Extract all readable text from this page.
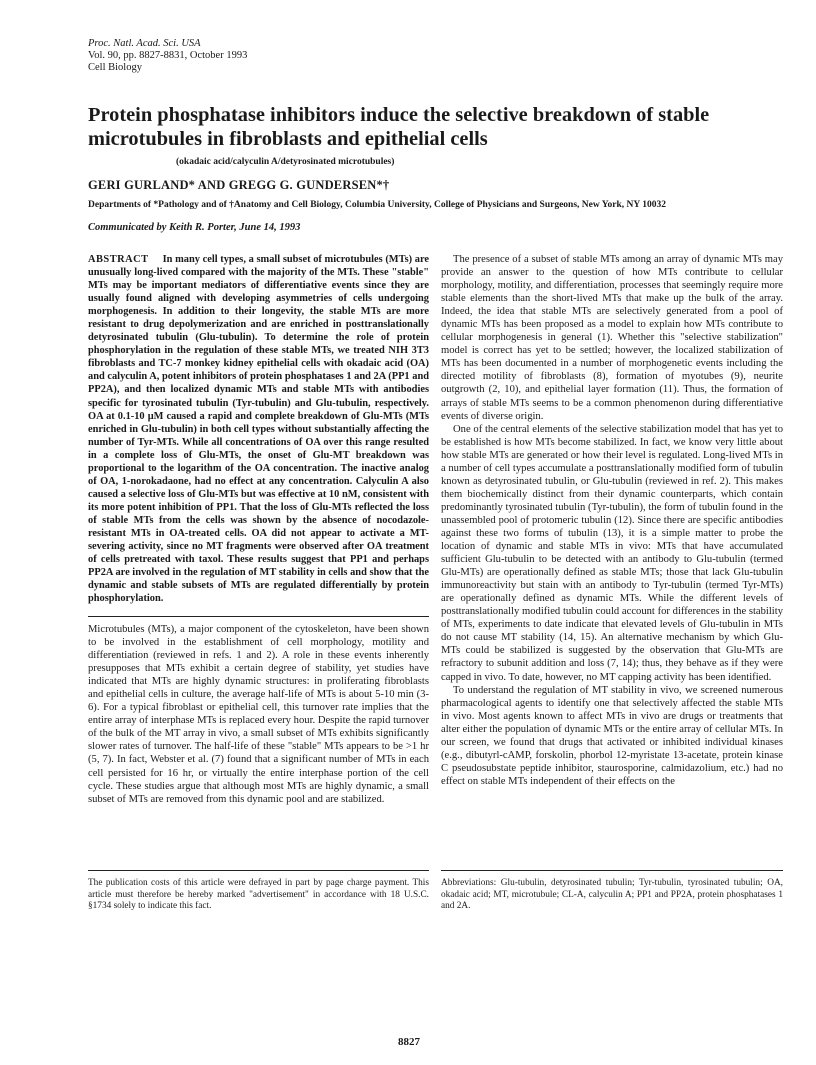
Proc. Natl. Acad. Sci. USA

Vol. 90, pp. 8827-8831, October 1993

Cell Biology

Protein phosphatase inhibitors induce the selective breakdown of stable microtubules in fibroblasts and epithelial cells
(okadaic acid/calyculin A/detyrosinated microtubules)
GERI GURLAND* AND GREGG G. GUNDERSEN*†
Departments of *Pathology and of †Anatomy and Cell Biology, Columbia University, College of Physicians and Surgeons, New York, NY 10032
Communicated by Keith R. Porter, June 14, 1993
ABSTRACT In many cell types, a small subset of microtubules (MTs) are unusually long-lived compared with the majority of the MTs. These "stable" MTs may be important mediators of differentiative events since they are usually found aligned with developing asymmetries of cells undergoing morphogenesis. In addition to their longevity, the stable MTs are more resistant to drug depolymerization and are enriched in posttranslationally detyrosinated tubulin (Glu-tubulin). To determine the role of protein phosphorylation in the regulation of these stable MTs, we treated NIH 3T3 fibroblasts and TC-7 monkey kidney epithelial cells with okadaic acid (OA) and calyculin A, potent inhibitors of protein phosphatases 1 and 2A (PP1 and PP2A), and then localized dynamic MTs and stable MTs with antibodies specific for tyrosinated tubulin (Tyr-tubulin) and Glu-tubulin, respectively. OA at 0.1-10 μM caused a rapid and complete breakdown of Glu-MTs (MTs enriched in Glu-tubulin) in both cell types without substantially affecting the number of Tyr-MTs. While all concentrations of OA over this range resulted in a complete loss of Glu-MTs, the onset of Glu-MT breakdown was proportional to the logarithm of the OA concentration. The inactive analog of OA, 1-norokadaone, had no effect at any concentration. Calyculin A also caused a selective loss of Glu-MTs but was effective at 10 nM, consistent with its more potent inhibition of PP1. That the loss of Glu-MTs reflected the loss of stable MTs from the cells was shown by the absence of nocodazole-resistant MTs in OA-treated cells. OA did not appear to activate a MT-severing activity, since no MT fragments were observed after OA treatment of cells pretreated with taxol. These results suggest that PP1 and perhaps PP2A are involved in the regulation of MT stability in cells and show that the dynamic and stable subsets of MTs are regulated differentially by protein phosphorylation.

Microtubules (MTs), a major component of the cytoskeleton, have been shown to be involved in the establishment of cell morphology, motility and differentiation (reviewed in refs. 1 and 2). A role in these events inherently presupposes that MTs exhibit a certain degree of stability, yet studies have indicated that MTs are highly dynamic structures: in proliferating fibroblasts and epithelial cells in culture, the average half-life of MTs is about 5-10 min (3-6). For a typical fibroblast or epithelial cell, this turnover rate implies that the entire array of interphase MTs is replaced every hour. Despite the rapid turnover of the bulk of the MT array in vivo, a small subset of MTs exhibits significantly slower rates of turnover. The half-life of these "stable" MTs appears to be >1 hr (5, 7). In fact, Webster et al. (7) found that a significant number of MTs in each cell persisted for 16 hr, or virtually the entire interphase portion of the cell cycle. These studies argue that although most MTs are highly dynamic, a small subset of MTs are removed from this dynamic pool and are stabilized.

The presence of a subset of stable MTs among an array of dynamic MTs may provide an answer to the question of how MTs contribute to cellular morphology, motility, and differentiation, processes that seemingly require more stable elements than the short-lived MTs that make up the bulk of the array. Indeed, the idea that stable MTs are selectively generated from a pool of dynamic MTs has been proposed as a model to explain how MTs contribute to cellular morphogenesis in general (1). Whether this "selective stabilization" model is correct has yet to be settled; however, the localized stabilization of MTs has been documented in a number of morphogenetic events including the directed motility of fibroblasts (8), formation of myotubes (9), neurite outgrowth (2, 10), and epithelial layer formation (11). Thus, the formation of arrays of stable MTs seems to be a common phenomenon during differentiative events of diverse origin.

One of the central elements of the selective stabilization model that has yet to be established is how MTs become stabilized. In fact, we know very little about how stable MTs are generated or how their level is regulated. Long-lived MTs in a number of cell types accumulate a posttranslationally modified form of tubulin known as detyrosinated tubulin, or Glu-tubulin (reviewed in ref. 2). This makes them biochemically distinct from their dynamic counterparts, which contain predominantly tyrosinated tubulin (Tyr-tubulin), the form of tubulin found in the unassembled pool of protomeric tubulin (12). Since there are specific antibodies against these two forms of tubulin (13), it is a simple matter to probe the location of dynamic and stable MTs in vivo: MTs that have accumulated sufficient Glu-tubulin to be detected with an antibody to Glu-tubulin (termed Glu-MTs) are operationally defined as stable MTs; those that lack Glu-tubulin immunoreactivity but stain with an antibody to Tyr-tubulin (termed Tyr-MTs) are operationally defined as dynamic MTs. While the different levels of posttranslationally modified tubulin could account for differences in the stability of MTs, experiments to date indicate that elevated levels of Glu-tubulin in MTs do not cause MT stability (14, 15). An alternative mechanism by which Glu-MTs could be stabilized is suggested by the observation that Glu-MTs are refractory to subunit addition and loss (7, 14); thus, they behave as if they were capped in vivo. To date, however, no MT capping activity has been identified.

To understand the regulation of MT stability in vivo, we screened numerous pharmacological agents to identify one that selectively affected the stable MTs in vivo. Most agents known to affect MTs in vivo are drugs or treatments that alter either the population of dynamic MTs or the entire array of cellular MTs. In our screen, we found that drugs that activated or inhibited individual kinases (e.g., dibutyrl-cAMP, forskolin, phorbol 12-myristate 13-acetate, protein kinase C pseudosubstate peptide inhibitor, staurosporine, calmidazolium, etc.) had no effect on stable MTs independent of their effects on the

The publication costs of this article were defrayed in part by page charge payment. This article must therefore be hereby marked "advertisement" in accordance with 18 U.S.C. §1734 solely to indicate this fact.
Abbreviations: Glu-tubulin, detyrosinated tubulin; Tyr-tubulin, tyrosinated tubulin; OA, okadaic acid; MT, microtubule; CL-A, calyculin A; PP1 and PP2A, protein phosphatases 1 and 2A.
8827
